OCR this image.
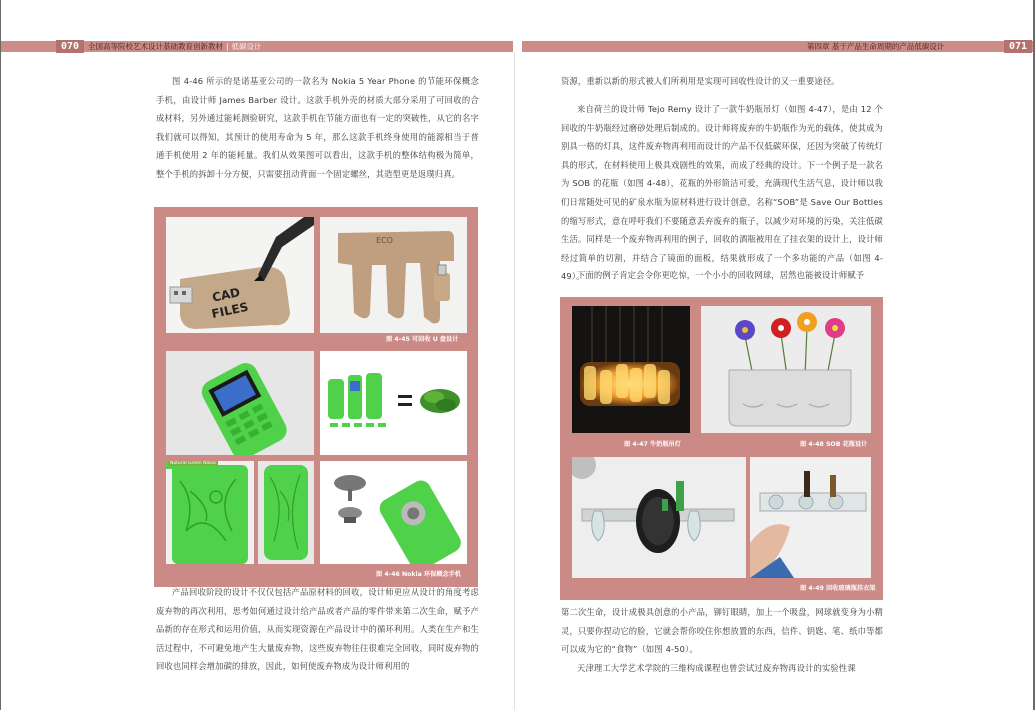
070	071
全国高等院校艺术设计基础教育创新教材 | 低碳设计	第四章 基于产品生命周期的产品低碳设计
图 4-46 所示的是诺基亚公司的一款名为 Nokia 5 Year Phone 的节能环保概念手机，由设计师 James Barber 设计。这款手机外壳的材质大部分采用了可回收的合成材料，另外通过能耗测验研究，这款手机在节能方面也有一定的突破性，从它的名字我们就可以得知，其预计的使用寿命为 5 年，那么这款手机终身使用的能源相当于普通手机使用 2 年的能耗量。我们从效果图可以看出，这款手机的整体结构极为简单，整个手机的拆卸十分方便，只需要扭动背面一个固定螺丝，其造型更是返璞归真。
CAD
FILES
ECO
图 4-45 可回收 U 盘设计
Natural Green Nokia
图 4-46 Nokia 环保概念手机
产品回收阶段的设计不仅仅包括产品原材料的回收，设计师更应从设计的角度考虑废弃物的再次利用，思考如何通过设计给产品或者产品的零件带来第二次生命，赋予产品新的存在形式和运用价值，从而实现资源在产品设计中的循环利用。人类在生产和生活过程中，不可避免地产生大量废弃物，这些废弃物往往很难完全回收，同时废弃物的回收也同样会增加碳的排放，因此，如何使废弃物成为设计师利用的
资源，重新以新的形式被人们所利用是实现可回收性设计的又一重要途径。
来自荷兰的设计师 Tejo Remy 设计了一款牛奶瓶吊灯（如图 4-47），是由 12 个回收的牛奶瓶经过磨砂处理后制成的。设计师将废弃的牛奶瓶作为光的载体，使其成为别具一格的灯具，这件废弃物再利用而设计的产品不仅低碳环保，还因为突破了传统灯具的形式，在材料使用上极具戏剧性的效果，而成了经典的设计。下一个例子是一款名为 SOB 的花瓶（如图 4-48），花瓶的外形简洁可爱，充满现代生活气息，设计师以我们日常随处可见的矿泉水瓶为原材料进行设计创意，名称“SOB”是 Save Our Bottles 的缩写形式，意在呼吁我们不要随意丢弃废弃的瓶子，以减少对环境的污染，关注低碳生活。同样是一个废弃物再利用的例子，回收的酒瓶被用在了挂衣架的设计上，设计师经过简单的切割，并结合了镜面的面板，结果就形成了一个多功能的产品（如图 4-49）。
下面的例子肯定会令你更吃惊，一个小小的回收网球，居然也能被设计师赋予
图 4-47 牛奶瓶吊灯	图 4-48 SOB 花瓶设计
图 4-49 回收玻璃瓶挂衣架
第二次生命，设计成极具创意的小产品，铆钉眼睛，加上一个吸盘，网球就变身为小精灵，只要你捏动它的脸，它就会帮你咬住你想放置的东西，信件、钥匙、笔、纸巾等都可以成为它的“食物”（如图 4-50）。
天津理工大学艺术学院的三维构成课程也曾尝试过废弃物再设计的实验性课
